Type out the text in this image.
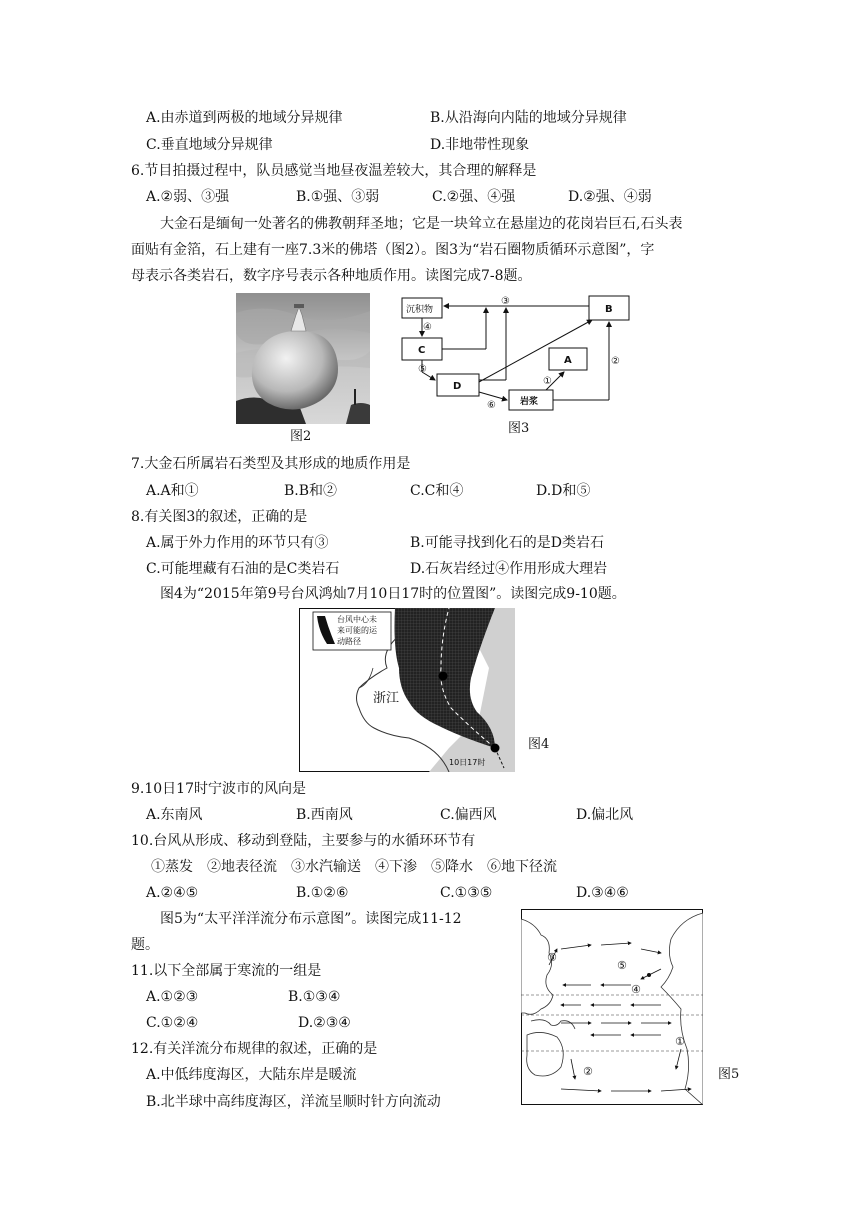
A.由赤道到两极的地域分异规律	B.从沿海向内陆的地域分异规律
C.垂直地域分异规律	D.非地带性现象
6.节目拍摄过程中，队员感觉当地昼夜温差较大，其合理的解释是
A.②弱、③强	B.①强、③弱	C.②强、④强	D.②强、④弱
大金石是缅甸一处著名的佛教朝拜圣地；它是一块耸立在悬崖边的花岗岩巨石,石头表
面贴有金箔，石上建有一座7.3米的佛塔（图2）。图3为“岩石圈物质循环示意图”，字
母表示各类岩石，数字序号表示各种地质作用。读图完成7-8题。
图2
沉积物	B
C
A
D
岩浆
③
④
⑤
⑥
①
②
图3
7.大金石所属岩石类型及其形成的地质作用是
A.A和①	B.B和②	C.C和④	D.D和⑤
8.有关图3的叙述，正确的是
A.属于外力作用的环节只有③	B.可能寻找到化石的是D类岩石
C.可能埋藏有石油的是C类岩石	D.石灰岩经过④作用形成大理岩
图4为“2015年第9号台风鸿灿7月10日17时的位置图”。读图完成9-10题。
台风中心未
来可能的运
动路径
浙江
10日17时
图4
9.10日17时宁波市的风向是
A.东南风	B.西南风	C.偏西风	D.偏北风
10.台风从形成、移动到登陆，主要参与的水循环环节有
①蒸发　②地表径流　③水汽输送　④下渗　⑤降水　⑥地下径流
A.②④⑤	B.①②⑥	C.①③⑤	D.③④⑥
图5为“太平洋洋流分布示意图”。读图完成11-12
题。
11.以下全部属于寒流的一组是
A.①②③	B.①③④
C.①②④	D.②③④
12.有关洋流分布规律的叙述，正确的是
A.中低纬度海区，大陆东岸是暖流
B.北半球中高纬度海区，洋流呈顺时针方向流动
①
②
③
④
⑤
图5
